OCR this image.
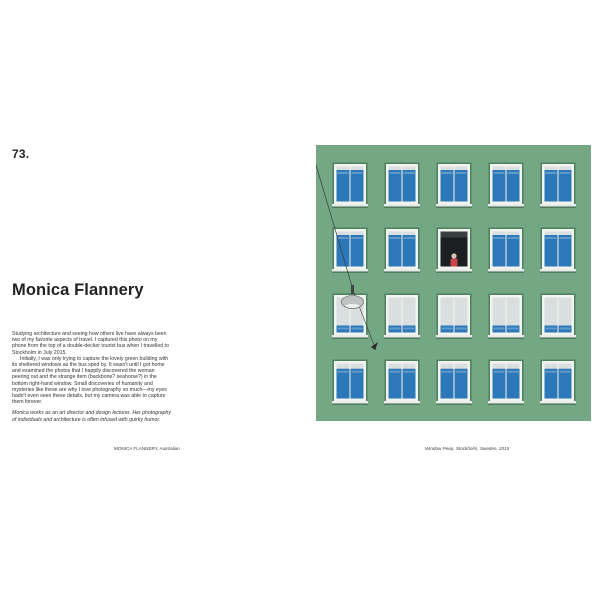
73.
Monica Flannery

Studying architecture and seeing how others live have always been two of my favorite aspects of travel. I captured this photo on my phone from the top of a double-decker tourist bus when I travelled to Stockholm in July 2015.

Initially, I was only trying to capture the lovely green building with its sheltered windows as the bus sped by. It wasn't until I got home and examined the photos that I happily discovered the woman peering out and the strange item (backbone? seahorse?) in the bottom right-hand window. Small discoveries of humanity and mysteries like these are why I love photography so much—my eyes hadn't even seen these details, but my camera was able to capture them forever.

Monica works as an art director and design lecturer. Her photography of individuals and architecture is often infused with quirky humor.

MONICA FLANNERY, Australian	Window Peep, Stockholm, Sweden, 2015
